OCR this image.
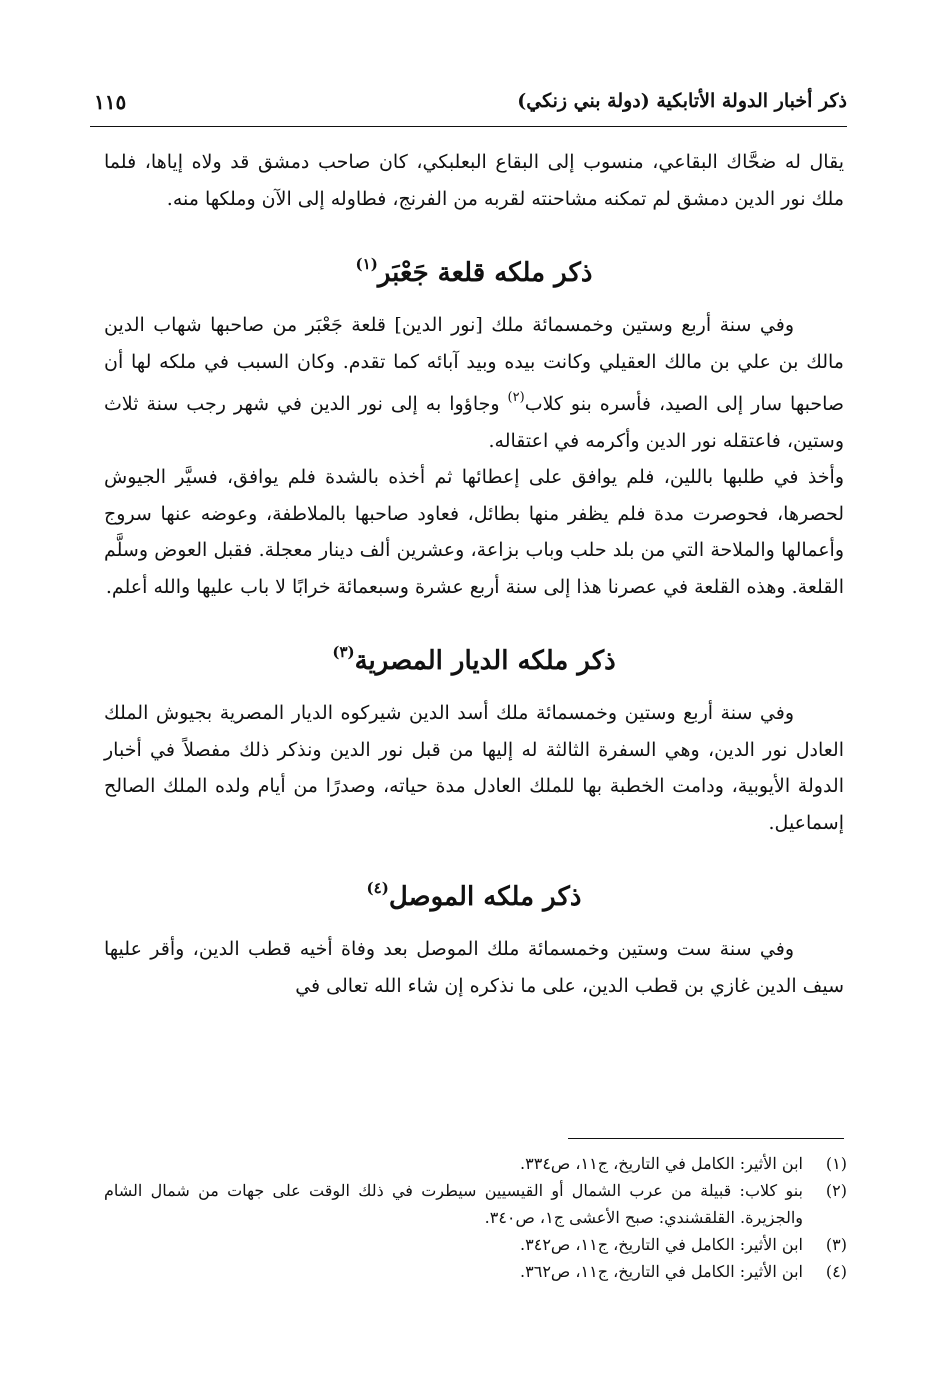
ذكر أخبار الدولة الأتابكية (دولة بني زنكي)
١١٥

يقال له ضحَّاك البقاعي، منسوب إلى البقاع البعلبكي، كان صاحب دمشق قد ولاه إياها، فلما ملك نور الدين دمشق لم تمكنه مشاحنته لقربه من الفرنج، فطاوله إلى الآن وملكها منه.

ذكر ملكه قلعة جَعْبَر$^{(١)}$

وفي سنة أربع وستين وخمسمائة ملك [نور الدين] قلعة جَعْبَر من صاحبها شهاب الدين مالك بن علي بن مالك العقيلي وكانت بيده وبيد آبائه كما تقدم. وكان السبب في ملكه لها أن صاحبها سار إلى الصيد، فأسره بنو كلاب$^{(٢)}$ وجاؤوا به إلى نور الدين في شهر رجب سنة ثلاث وستين، فاعتقله نور الدين وأكرمه في اعتقاله.

وأخذ في طلبها باللين، فلم يوافق على إعطائها ثم أخذه بالشدة فلم يوافق، فسيَّر الجيوش لحصرها، فحوصرت مدة فلم يظفر منها بطائل، فعاود صاحبها بالملاطفة، وعوضه عنها سروج وأعمالها والملاحة التي من بلد حلب وباب بزاعة، وعشرين ألف دينار معجلة. فقبل العوض وسلَّم القلعة. وهذه القلعة في عصرنا هذا إلى سنة أربع عشرة وسبعمائة خرابًا لا باب عليها والله أعلم.

ذكر ملكه الديار المصرية$^{(٣)}$

وفي سنة أربع وستين وخمسمائة ملك أسد الدين شيركوه الديار المصرية بجيوش الملك العادل نور الدين، وهي السفرة الثالثة له إليها من قبل نور الدين ونذكر ذلك مفصلاً في أخبار الدولة الأيوبية، ودامت الخطبة بها للملك العادل مدة حياته، وصدرًا من أيام ولده الملك الصالح إسماعيل.

ذكر ملكه الموصل$^{(٤)}$

وفي سنة ست وستين وخمسمائة ملك الموصل بعد وفاة أخيه قطب الدين، وأقر عليها سيف الدين غازي بن قطب الدين، على ما نذكره إن شاء الله تعالى في

(١)
ابن الأثير: الكامل في التاريخ، ج١١، ص٣٣٤.
(٢)
بنو كلاب: قبيلة من عرب الشمال أو القيسيين سيطرت في ذلك الوقت على جهات من شمال الشام والجزيرة. القلقشندي: صبح الأعشى ج١، ص٣٤٠.
(٣)
ابن الأثير: الكامل في التاريخ، ج١١، ص٣٤٢.
(٤)
ابن الأثير: الكامل في التاريخ، ج١١، ص٣٦٢.
